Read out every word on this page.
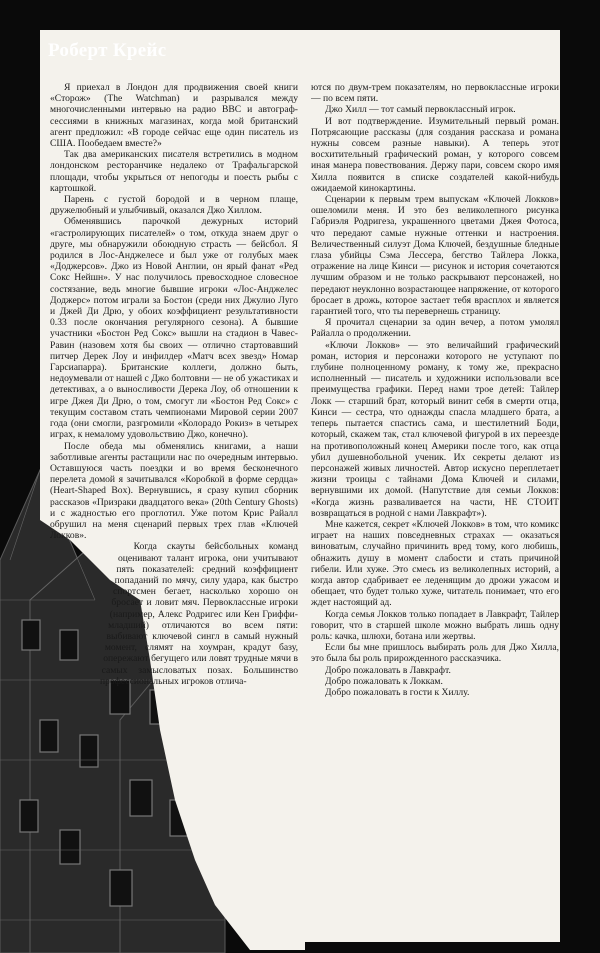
Роберт Крейс

Я приехал в Лондон для продвижения своей книги «Сторож» (The Watchman) и разрывался между многочисленными интервью на радио ВВС и автограф-сессиями в книжных магазинах, когда мой британский агент предложил: «В городе сейчас еще один писатель из США. Пообедаем вместе?»

Так два американских писателя встретились в модном лондонском ресторанчике недалеко от Трафальгарской площади, чтобы укрыться от непогоды и поесть рыбы с картошкой.

Парень с густой бородой и в черном плаще, дружелюбный и улыбчивый, оказался Джо Хиллом.

Обменявшись парочкой дежурных историй «гастролирующих писателей» о том, откуда знаем друг о друге, мы обнаружили обоюдную страсть — бейсбол. Я родился в Лос-Анджелесе и был уже от голубых маек «Доджерсов». Джо из Новой Англии, он ярый фанат «Ред Сокс Нейшн». У нас получилось превосходное словесное состязание, ведь многие бывшие игроки «Лос-Анджелес Доджерс» потом играли за Бостон (среди них Джулио Луго и Джей Ди Дрю, у обоих коэффициент результативности 0.33 после окончания регулярного сезона). А бывшие участники «Бостон Ред Сокс» вышли на стадион в Чавес-Равин (назовем хотя бы своих — отлично стартовавший питчер Дерек Лоу и инфилдер «Матч всех звезд» Номар Гарсиапарра). Британские коллеги, должно быть, недоумевали от нашей с Джо болтовни — не об ужастиках и детективах, а о выносливости Дерека Лоу, об отношении к игре Джея Ди Дрю, о том, смогут ли «Бостон Ред Сокс» с текущим составом стать чемпионами Мировой серии 2007 года (они смогли, разгромили «Колорадо Рокиз» в четырех играх, к немалому удовольствию Джо, конечно).

После обеда мы обменялись книгами, а наши заботливые агенты растащили нас по очередным интервью. Оставшуюся часть поездки и во время бесконечного перелета домой я зачитывался «Коробкой в форме сердца» (Heart-Shaped Box). Вернувшись, я сразу купил сборник рассказов «Призраки двадцатого века» (20th Century Ghosts) и с жадностью его проглотил. Уже потом Крис Райалл обрушил на меня сценарий первых трех глав «Ключей Локков».

Когда скауты бейсбольных команд оценивают талант игрока, они учитывают пять показателей: средний коэффициент попаданий по мячу, силу удара, как быстро спортсмен бегает, насколько хорошо он бросает и ловит мяч. Первоклассные игроки (например, Алекс Родригес или Кен Гриффи-младший) отличаются во всем пяти: выбивают ключевой сингл в самый нужный момент, слямят на хоумран, крадут базу, опережают бегущего или ловят трудные мячи в самых замысловатых позах. Большинство профессиональных игроков отлича-

ются по двум-трем показателям, но первоклассные игроки — по всем пяти.

Джо Хилл — тот самый первоклассный игрок.

И вот подтверждение. Изумительный первый роман. Потрясающие рассказы (для создания рассказа и романа нужны совсем разные навыки). А теперь этот восхитительный графический роман, у которого совсем иная манера повествования. Держу пари, совсем скоро имя Хилла появится в списке создателей какой-нибудь ожидаемой кинокартины.

Сценарии к первым трем выпускам «Ключей Локков» ошеломили меня. И это без великолепного рисунка Габриэля Родригеза, украшенного цветами Джея Фотоса, что передают самые нужные оттенки и настроения. Величественный силуэт Дома Ключей, бездушные бледные глаза убийцы Сэма Лессера, бегство Тайлера Локка, отражение на лице Кинси — рисунок и история сочетаются лучшим образом и не только раскрывают персонажей, но передают неуклонно возрастающее напряжение, от которого бросает в дрожь, которое застает тебя врасплох и является гарантией того, что ты перевернешь страницу.

Я прочитал сценарии за один вечер, а потом умолял Райалла о продолжении.

«Ключи Локков» — это величайший графический роман, история и персонажи которого не уступают по глубине полноценному роману, к тому же, прекрасно исполненный — писатель и художники использовали все преимущества графики. Перед нами трое детей: Тайлер Локк — старший брат, который винит себя в смерти отца, Кинси — сестра, что однажды спасла младшего брата, а теперь пытается спастись сама, и шестилетний Боди, который, скажем так, стал ключевой фигурой в их переезде на противоположный конец Америки после того, как отца убил душевнобольной ученик. Их секреты делают из персонажей живых личностей. Автор искусно переплетает жизни троицы с тайнами Дома Ключей и силами, вернувшими их домой. (Напутствие для семьи Локков: «Когда жизнь разваливается на части, НЕ СТОИТ возвращаться в родной с нами Лавкрафт»).

Мне кажется, секрет «Ключей Локков» в том, что комикс играет на наших повседневных страхах — оказаться виноватым, случайно причинить вред тому, кого любишь, обнажить душу в момент слабости и стать причиной гибели. Или хуже. Это смесь из великолепных историй, а когда автор сдабривает ее леденящим до дрожи ужасом и обещает, что будет только хуже, читатель понимает, что его ждет настоящий ад.

Когда семья Локков только попадает в Лавкрафт, Тайлер говорит, что в старшей школе можно выбрать лишь одну роль: качка, шлюхи, ботана или жертвы.

Если бы мне пришлось выбирать роль для Джо Хилла, это была бы роль прирожденного рассказчика.

Добро пожаловать в Лавкрафт.

Добро пожаловать к Локкам.

Добро пожаловать в гости к Хиллу.
